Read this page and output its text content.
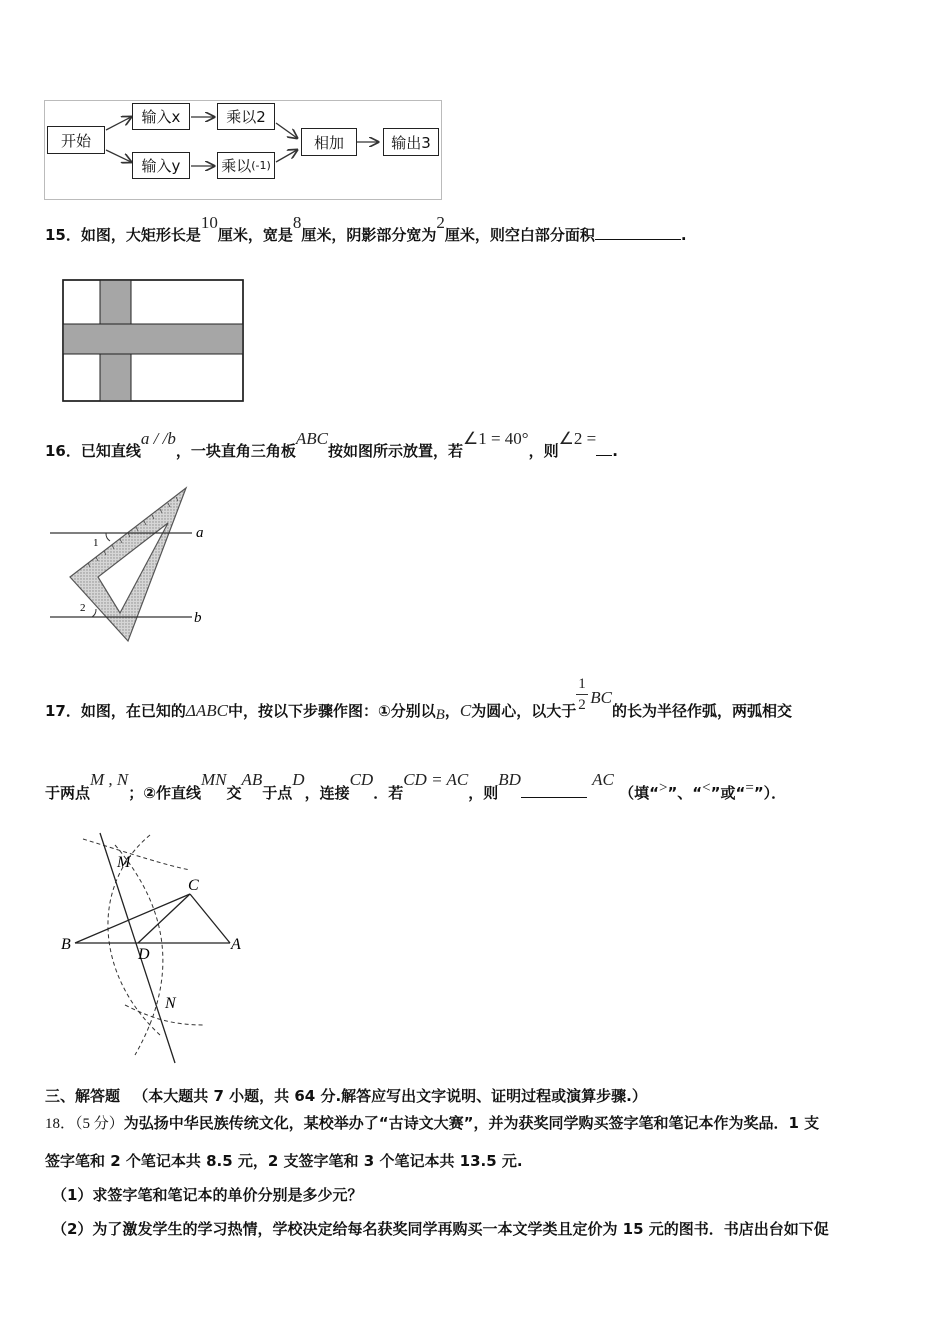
开始
输入x
输入y
乘以2
乘以 (-1)
相加	输出3
15．如图，大矩形长是10厘米，宽是8厘米，阴影部分宽为2厘米，则空白部分面积	.
16．已知直线a / /b，一块直角三角板ABC按如图所示放置，若∠1 = 40°，则∠2 =.
a
b
1
2
17．如图，在已知的ΔABC中，按以下步骤作图：①分别以B，C为圆心，以大于 $\frac{1}{2}$ BC的长为半径作弧，两弧相交
于两点M , N；②作直线MN交AB于点D，连接CD．若CD = AC，则BD	AC （填“>”、“<”或“=”）．
M
C
B
D
A
N
三、解答题 （本大题共 7 小题，共 64 分.解答应写出文字说明、证明过程或演算步骤.）
18．（5 分）为弘扬中华民族传统文化，某校举办了“古诗文大赛”，并为获奖同学购买签字笔和笔记本作为奖品．1 支
签字笔和 2 个笔记本共 8.5 元，2 支签字笔和 3 个笔记本共 13.5 元.
（1）求签字笔和笔记本的单价分别是多少元？
（2）为了激发学生的学习热情，学校决定给每名获奖同学再购买一本文学类且定价为 15 元的图书．书店出台如下促
